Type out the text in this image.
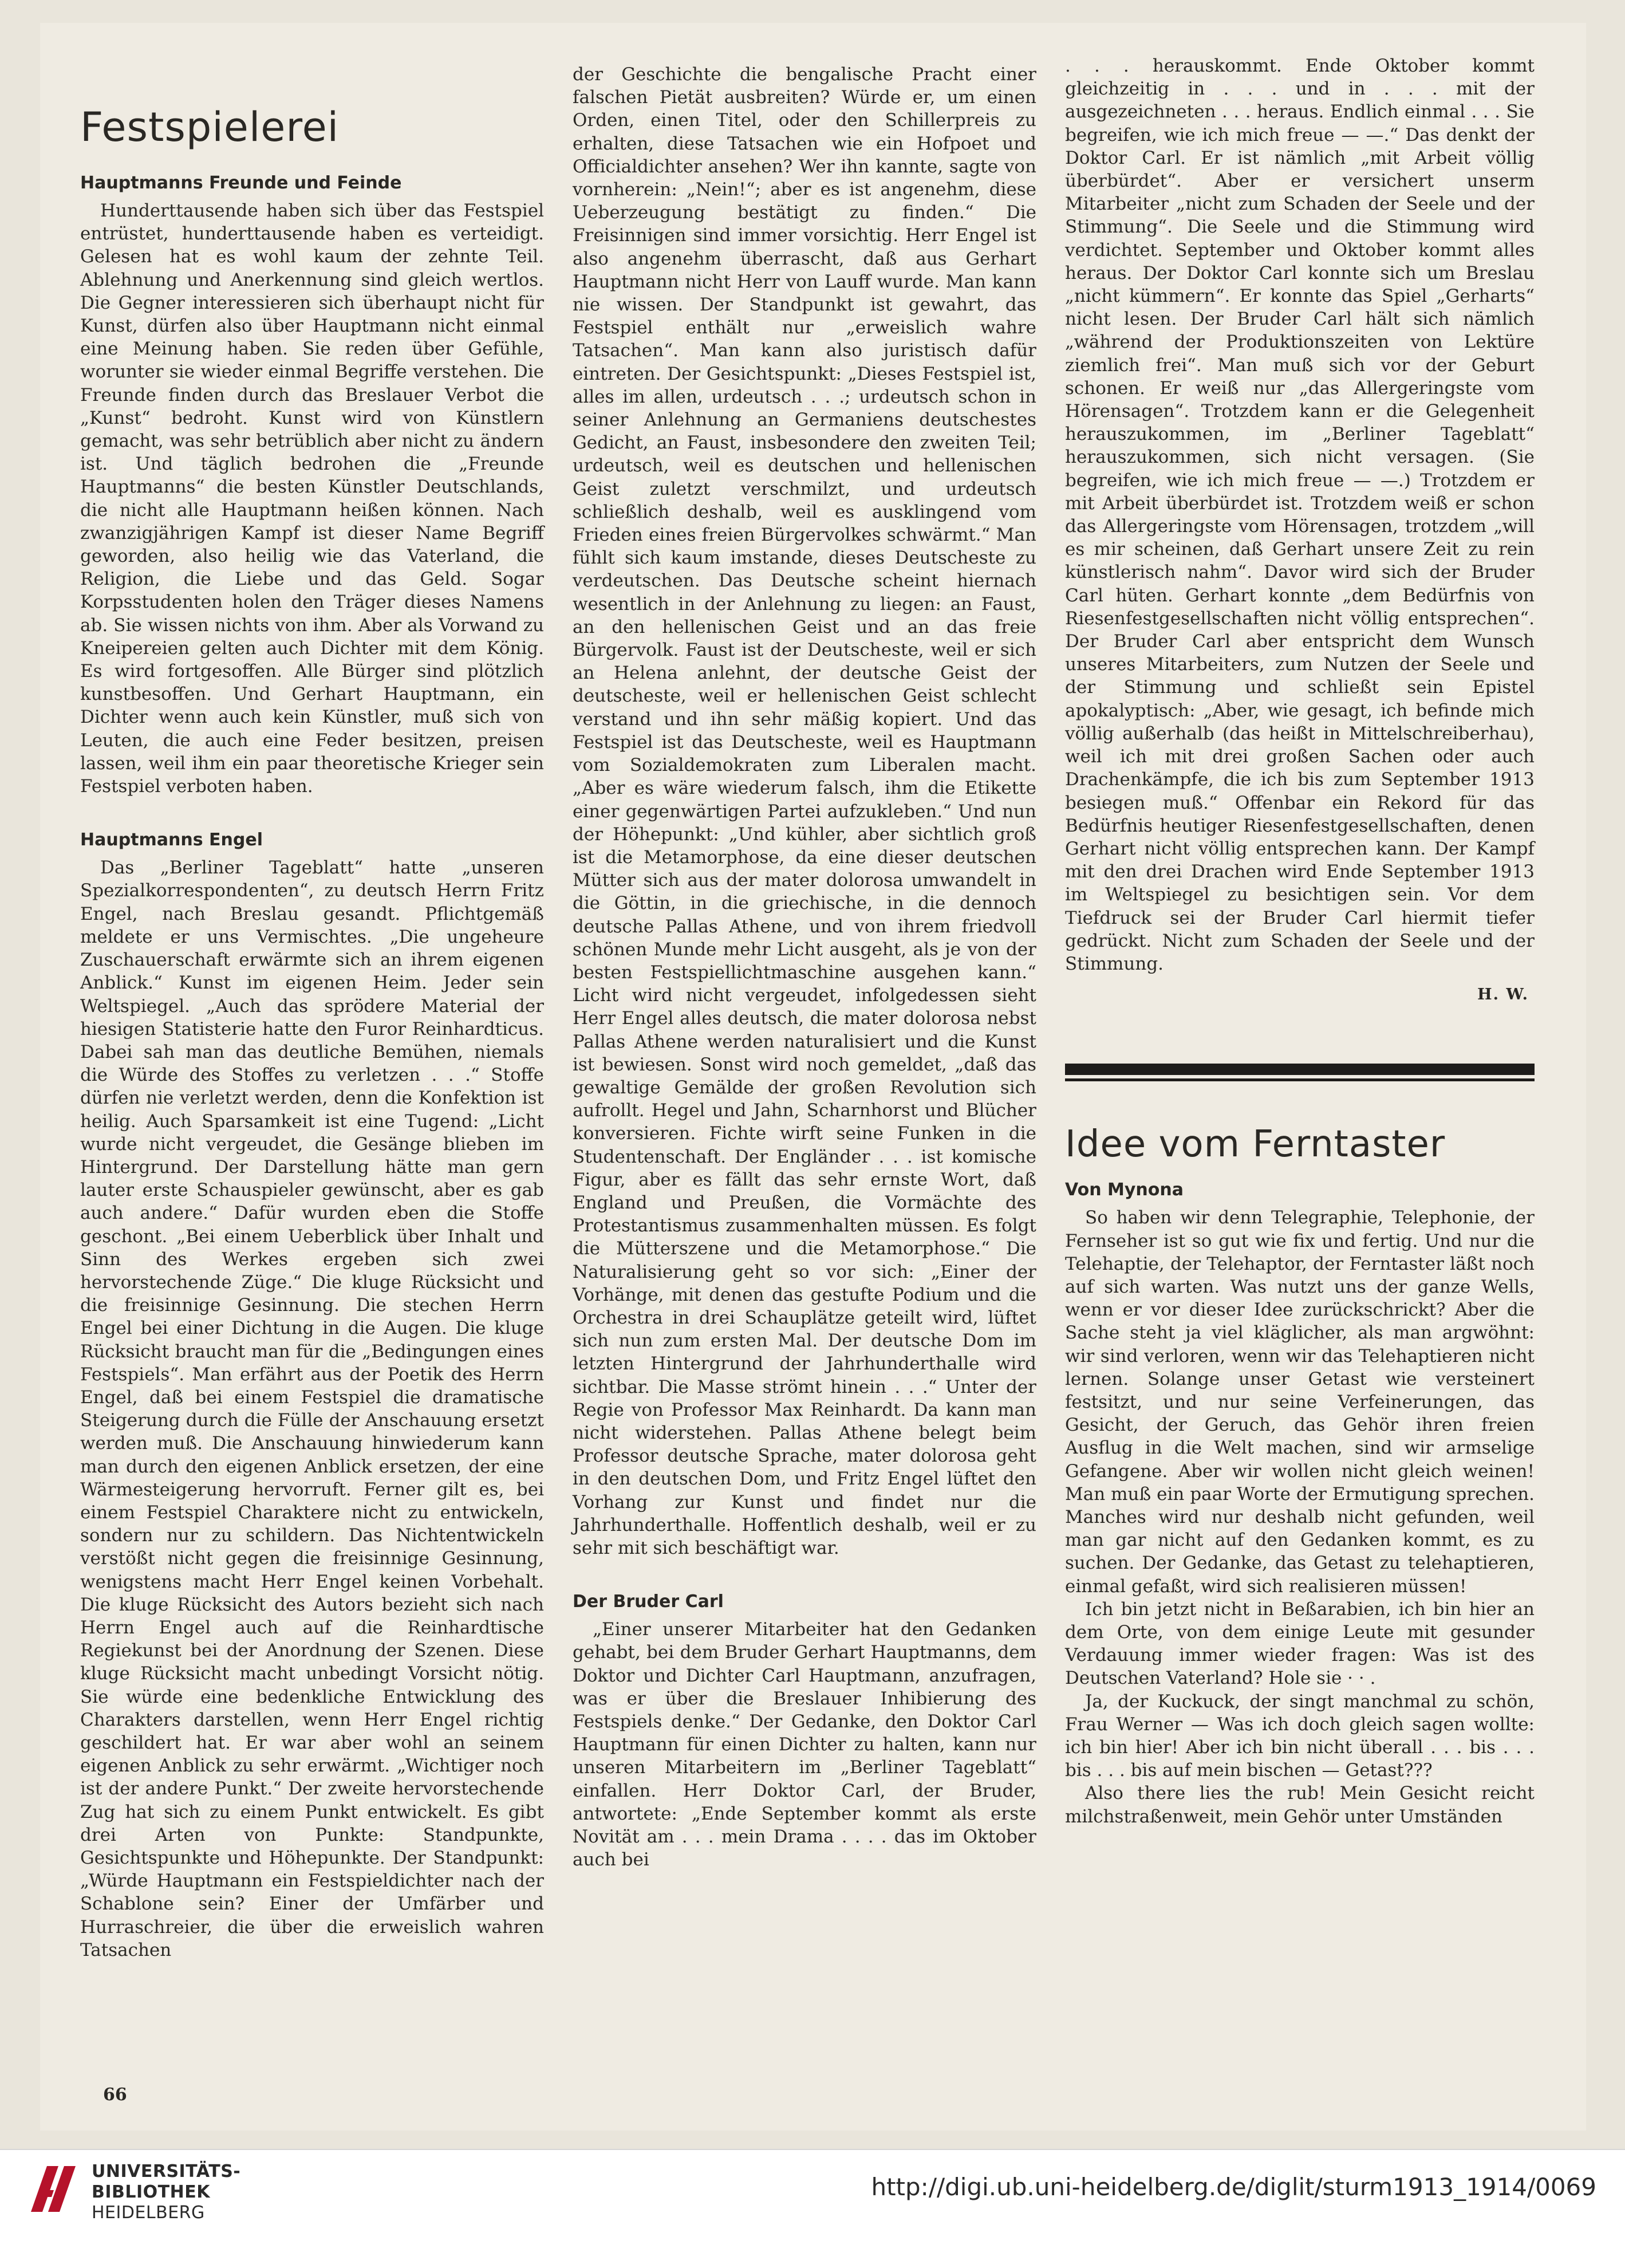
Festspielerei
Hauptmanns Freunde und Feinde

Hunderttausende haben sich über das Festspiel entrüstet, hunderttausende haben es verteidigt. Gelesen hat es wohl kaum der zehnte Teil. Ablehnung und Anerkennung sind gleich wertlos. Die Gegner interessieren sich überhaupt nicht für Kunst, dürfen also über Hauptmann nicht einmal eine Meinung haben. Sie reden über Gefühle, worunter sie wieder einmal Begriffe verstehen. Die Freunde finden durch das Breslauer Verbot die „Kunst“ bedroht. Kunst wird von Künstlern gemacht, was sehr betrüblich aber nicht zu ändern ist. Und täglich bedrohen die „Freunde Hauptmanns“ die besten Künstler Deutschlands, die nicht alle Hauptmann heißen können. Nach zwanzigjährigen Kampf ist dieser Name Begriff geworden, also heilig wie das Vaterland, die Religion, die Liebe und das Geld. Sogar Korpsstudenten holen den Träger dieses Namens ab. Sie wissen nichts von ihm. Aber als Vorwand zu Kneipereien gelten auch Dichter mit dem König. Es wird fortgesoffen. Alle Bürger sind plötzlich kunstbesoffen. Und Gerhart Hauptmann, ein Dichter wenn auch kein Künstler, muß sich von Leuten, die auch eine Feder besitzen, preisen lassen, weil ihm ein paar theoretische Krieger sein Festspiel verboten haben.

Hauptmanns Engel

Das „Berliner Tageblatt“ hatte „unseren Spezialkorrespondenten“, zu deutsch Herrn Fritz Engel, nach Breslau gesandt. Pflichtgemäß meldete er uns Vermischtes. „Die ungeheure Zuschauerschaft erwärmte sich an ihrem eigenen Anblick.“ Kunst im eigenen Heim. Jeder sein Weltspiegel. „Auch das sprödere Material der hiesigen Statisterie hatte den Furor Reinhardticus. Dabei sah man das deutliche Bemühen, niemals die Würde des Stoffes zu verletzen . . .“ Stoffe dürfen nie verletzt werden, denn die Konfektion ist heilig. Auch Sparsamkeit ist eine Tugend: „Licht wurde nicht vergeudet, die Gesänge blieben im Hintergrund. Der Darstellung hätte man gern lauter erste Schauspieler gewünscht, aber es gab auch andere.“ Dafür wurden eben die Stoffe geschont. „Bei einem Ueberblick über Inhalt und Sinn des Werkes ergeben sich zwei hervorstechende Züge.“ Die kluge Rücksicht und die freisinnige Gesinnung. Die stechen Herrn Engel bei einer Dichtung in die Augen. Die kluge Rücksicht braucht man für die „Bedingungen eines Festspiels“. Man erfährt aus der Poetik des Herrn Engel, daß bei einem Festspiel die dramatische Steigerung durch die Fülle der Anschauung ersetzt werden muß. Die Anschauung hinwiederum kann man durch den eigenen Anblick ersetzen, der eine Wärmesteigerung hervorruft. Ferner gilt es, bei einem Festspiel Charaktere nicht zu entwickeln, sondern nur zu schildern. Das Nichtentwickeln verstößt nicht gegen die freisinnige Gesinnung, wenigstens macht Herr Engel keinen Vorbehalt. Die kluge Rücksicht des Autors bezieht sich nach Herrn Engel auch auf die Reinhardtische Regiekunst bei der Anordnung der Szenen. Diese kluge Rücksicht macht unbedingt Vorsicht nötig. Sie würde eine bedenkliche Entwicklung des Charakters darstellen, wenn Herr Engel richtig geschildert hat. Er war aber wohl an seinem eigenen Anblick zu sehr erwärmt. „Wichtiger noch ist der andere Punkt.“ Der zweite hervorstechende Zug hat sich zu einem Punkt entwickelt. Es gibt drei Arten von Punkte: Standpunkte, Gesichtspunkte und Höhepunkte. Der Standpunkt: „Würde Hauptmann ein Festspieldichter nach der Schablone sein? Einer der Umfärber und Hurraschreier, die über die erweislich wahren Tatsachen

der Geschichte die bengalische Pracht einer falschen Pietät ausbreiten? Würde er, um einen Orden, einen Titel, oder den Schillerpreis zu erhalten, diese Tatsachen wie ein Hofpoet und Officialdichter ansehen? Wer ihn kannte, sagte von vornherein: „Nein!“; aber es ist angenehm, diese Ueberzeugung bestätigt zu finden.“ Die Freisinnigen sind immer vorsichtig. Herr Engel ist also angenehm überrascht, daß aus Gerhart Hauptmann nicht Herr von Lauff wurde. Man kann nie wissen. Der Standpunkt ist gewahrt, das Festspiel enthält nur „erweislich wahre Tatsachen“. Man kann also juristisch dafür eintreten. Der Gesichtspunkt: „Dieses Festspiel ist, alles im allen, urdeutsch . . .; urdeutsch schon in seiner Anlehnung an Germaniens deutschestes Gedicht, an Faust, insbesondere den zweiten Teil; urdeutsch, weil es deutschen und hellenischen Geist zuletzt verschmilzt, und urdeutsch schließlich deshalb, weil es ausklingend vom Frieden eines freien Bürgervolkes schwärmt.“ Man fühlt sich kaum imstande, dieses Deutscheste zu verdeutschen. Das Deutsche scheint hiernach wesentlich in der Anlehnung zu liegen: an Faust, an den hellenischen Geist und an das freie Bürgervolk. Faust ist der Deutscheste, weil er sich an Helena anlehnt, der deutsche Geist der deutscheste, weil er hellenischen Geist schlecht verstand und ihn sehr mäßig kopiert. Und das Festspiel ist das Deutscheste, weil es Hauptmann vom Sozialdemokraten zum Liberalen macht. „Aber es wäre wiederum falsch, ihm die Etikette einer gegenwärtigen Partei aufzukleben.“ Und nun der Höhepunkt: „Und kühler, aber sichtlich groß ist die Metamorphose, da eine dieser deutschen Mütter sich aus der mater dolorosa umwandelt in die Göttin, in die griechische, in die dennoch deutsche Pallas Athene, und von ihrem friedvoll schönen Munde mehr Licht ausgeht, als je von der besten Festspiellichtmaschine ausgehen kann.“ Licht wird nicht vergeudet, infolgedessen sieht Herr Engel alles deutsch, die mater dolorosa nebst Pallas Athene werden naturalisiert und die Kunst ist bewiesen. Sonst wird noch gemeldet, „daß das gewaltige Gemälde der großen Revolution sich aufrollt. Hegel und Jahn, Scharnhorst und Blücher konversieren. Fichte wirft seine Funken in die Studentenschaft. Der Engländer . . . ist komische Figur, aber es fällt das sehr ernste Wort, daß England und Preußen, die Vormächte des Protestantismus zusammenhalten müssen. Es folgt die Mütterszene und die Metamorphose.“ Die Naturalisierung geht so vor sich: „Einer der Vorhänge, mit denen das gestufte Podium und die Orchestra in drei Schauplätze geteilt wird, lüftet sich nun zum ersten Mal. Der deutsche Dom im letzten Hintergrund der Jahrhunderthalle wird sichtbar. Die Masse strömt hinein . . .“ Unter der Regie von Professor Max Reinhardt. Da kann man nicht widerstehen. Pallas Athene belegt beim Professor deutsche Sprache, mater dolorosa geht in den deutschen Dom, und Fritz Engel lüftet den Vorhang zur Kunst und findet nur die Jahrhunderthalle. Hoffentlich deshalb, weil er zu sehr mit sich beschäftigt war.

Der Bruder Carl

„Einer unserer Mitarbeiter hat den Gedanken gehabt, bei dem Bruder Gerhart Hauptmanns, dem Doktor und Dichter Carl Hauptmann, anzufragen, was er über die Breslauer Inhibierung des Festspiels denke.“ Der Gedanke, den Doktor Carl Hauptmann für einen Dichter zu halten, kann nur unseren Mitarbeitern im „Berliner Tageblatt“ einfallen. Herr Doktor Carl, der Bruder, antwortete: „Ende September kommt als erste Novität am . . . mein Drama . . . . das im Oktober auch bei

. . . herauskommt. Ende Oktober kommt gleichzeitig in . . . und in . . . mit der ausgezeichneten . . . heraus. Endlich einmal . . . Sie begreifen, wie ich mich freue — —.“ Das denkt der Doktor Carl. Er ist nämlich „mit Arbeit völlig überbürdet“. Aber er versichert unserm Mitarbeiter „nicht zum Schaden der Seele und der Stimmung“. Die Seele und die Stimmung wird verdichtet. September und Oktober kommt alles heraus. Der Doktor Carl konnte sich um Breslau „nicht kümmern“. Er konnte das Spiel „Gerharts“ nicht lesen. Der Bruder Carl hält sich nämlich „während der Produktionszeiten von Lektüre ziemlich frei“. Man muß sich vor der Geburt schonen. Er weiß nur „das Allergeringste vom Hörensagen“. Trotzdem kann er die Gelegenheit herauszukommen, im „Berliner Tageblatt“ herauszukommen, sich nicht versagen. (Sie begreifen, wie ich mich freue — —.) Trotzdem er mit Arbeit überbürdet ist. Trotzdem weiß er schon das Allergeringste vom Hörensagen, trotzdem „will es mir scheinen, daß Gerhart unsere Zeit zu rein künstlerisch nahm“. Davor wird sich der Bruder Carl hüten. Gerhart konnte „dem Bedürfnis von Riesenfestgesellschaften nicht völlig entsprechen“. Der Bruder Carl aber entspricht dem Wunsch unseres Mitarbeiters, zum Nutzen der Seele und der Stimmung und schließt sein Epistel apokalyptisch: „Aber, wie gesagt, ich befinde mich völlig außerhalb (das heißt in Mittelschreiberhau), weil ich mit drei großen Sachen oder auch Drachenkämpfe, die ich bis zum September 1913 besiegen muß.“ Offenbar ein Rekord für das Bedürfnis heutiger Riesenfestgesellschaften, denen Gerhart nicht völlig entsprechen kann. Der Kampf mit den drei Drachen wird Ende September 1913 im Weltspiegel zu besichtigen sein. Vor dem Tiefdruck sei der Bruder Carl hiermit tiefer gedrückt. Nicht zum Schaden der Seele und der Stimmung.

H. W.
Idee vom Ferntaster
Von Mynona

So haben wir denn Telegraphie, Telephonie, der Fernseher ist so gut wie fix und fertig. Und nur die Telehaptie, der Telehaptor, der Ferntaster läßt noch auf sich warten. Was nutzt uns der ganze Wells, wenn er vor dieser Idee zurückschrickt? Aber die Sache steht ja viel kläglicher, als man argwöhnt: wir sind verloren, wenn wir das Telehaptieren nicht lernen. Solange unser Getast wie versteinert festsitzt, und nur seine Verfeinerungen, das Gesicht, der Geruch, das Gehör ihren freien Ausflug in die Welt machen, sind wir armselige Gefangene. Aber wir wollen nicht gleich weinen! Man muß ein paar Worte der Ermutigung sprechen. Manches wird nur deshalb nicht gefunden, weil man gar nicht auf den Gedanken kommt, es zu suchen. Der Gedanke, das Getast zu telehaptieren, einmal gefaßt, wird sich realisieren müssen!

Ich bin jetzt nicht in Beßarabien, ich bin hier an dem Orte, von dem einige Leute mit gesunder Verdauung immer wieder fragen: Was ist des Deutschen Vaterland? Hole sie · · .

Ja, der Kuckuck, der singt manchmal zu schön, Frau Werner — Was ich doch gleich sagen wollte: ich bin hier! Aber ich bin nicht überall . . . bis . . . bis . . . bis auf mein bischen — Getast???

Also there lies the rub! Mein Gesicht reicht milchstraßenweit, mein Gehör unter Umständen

66
UNIVERSITÄTS-
BIBLIOTHEK
HEIDELBERG
http://digi.ub.uni-heidelberg.de/diglit/sturm1913_1914/0069
